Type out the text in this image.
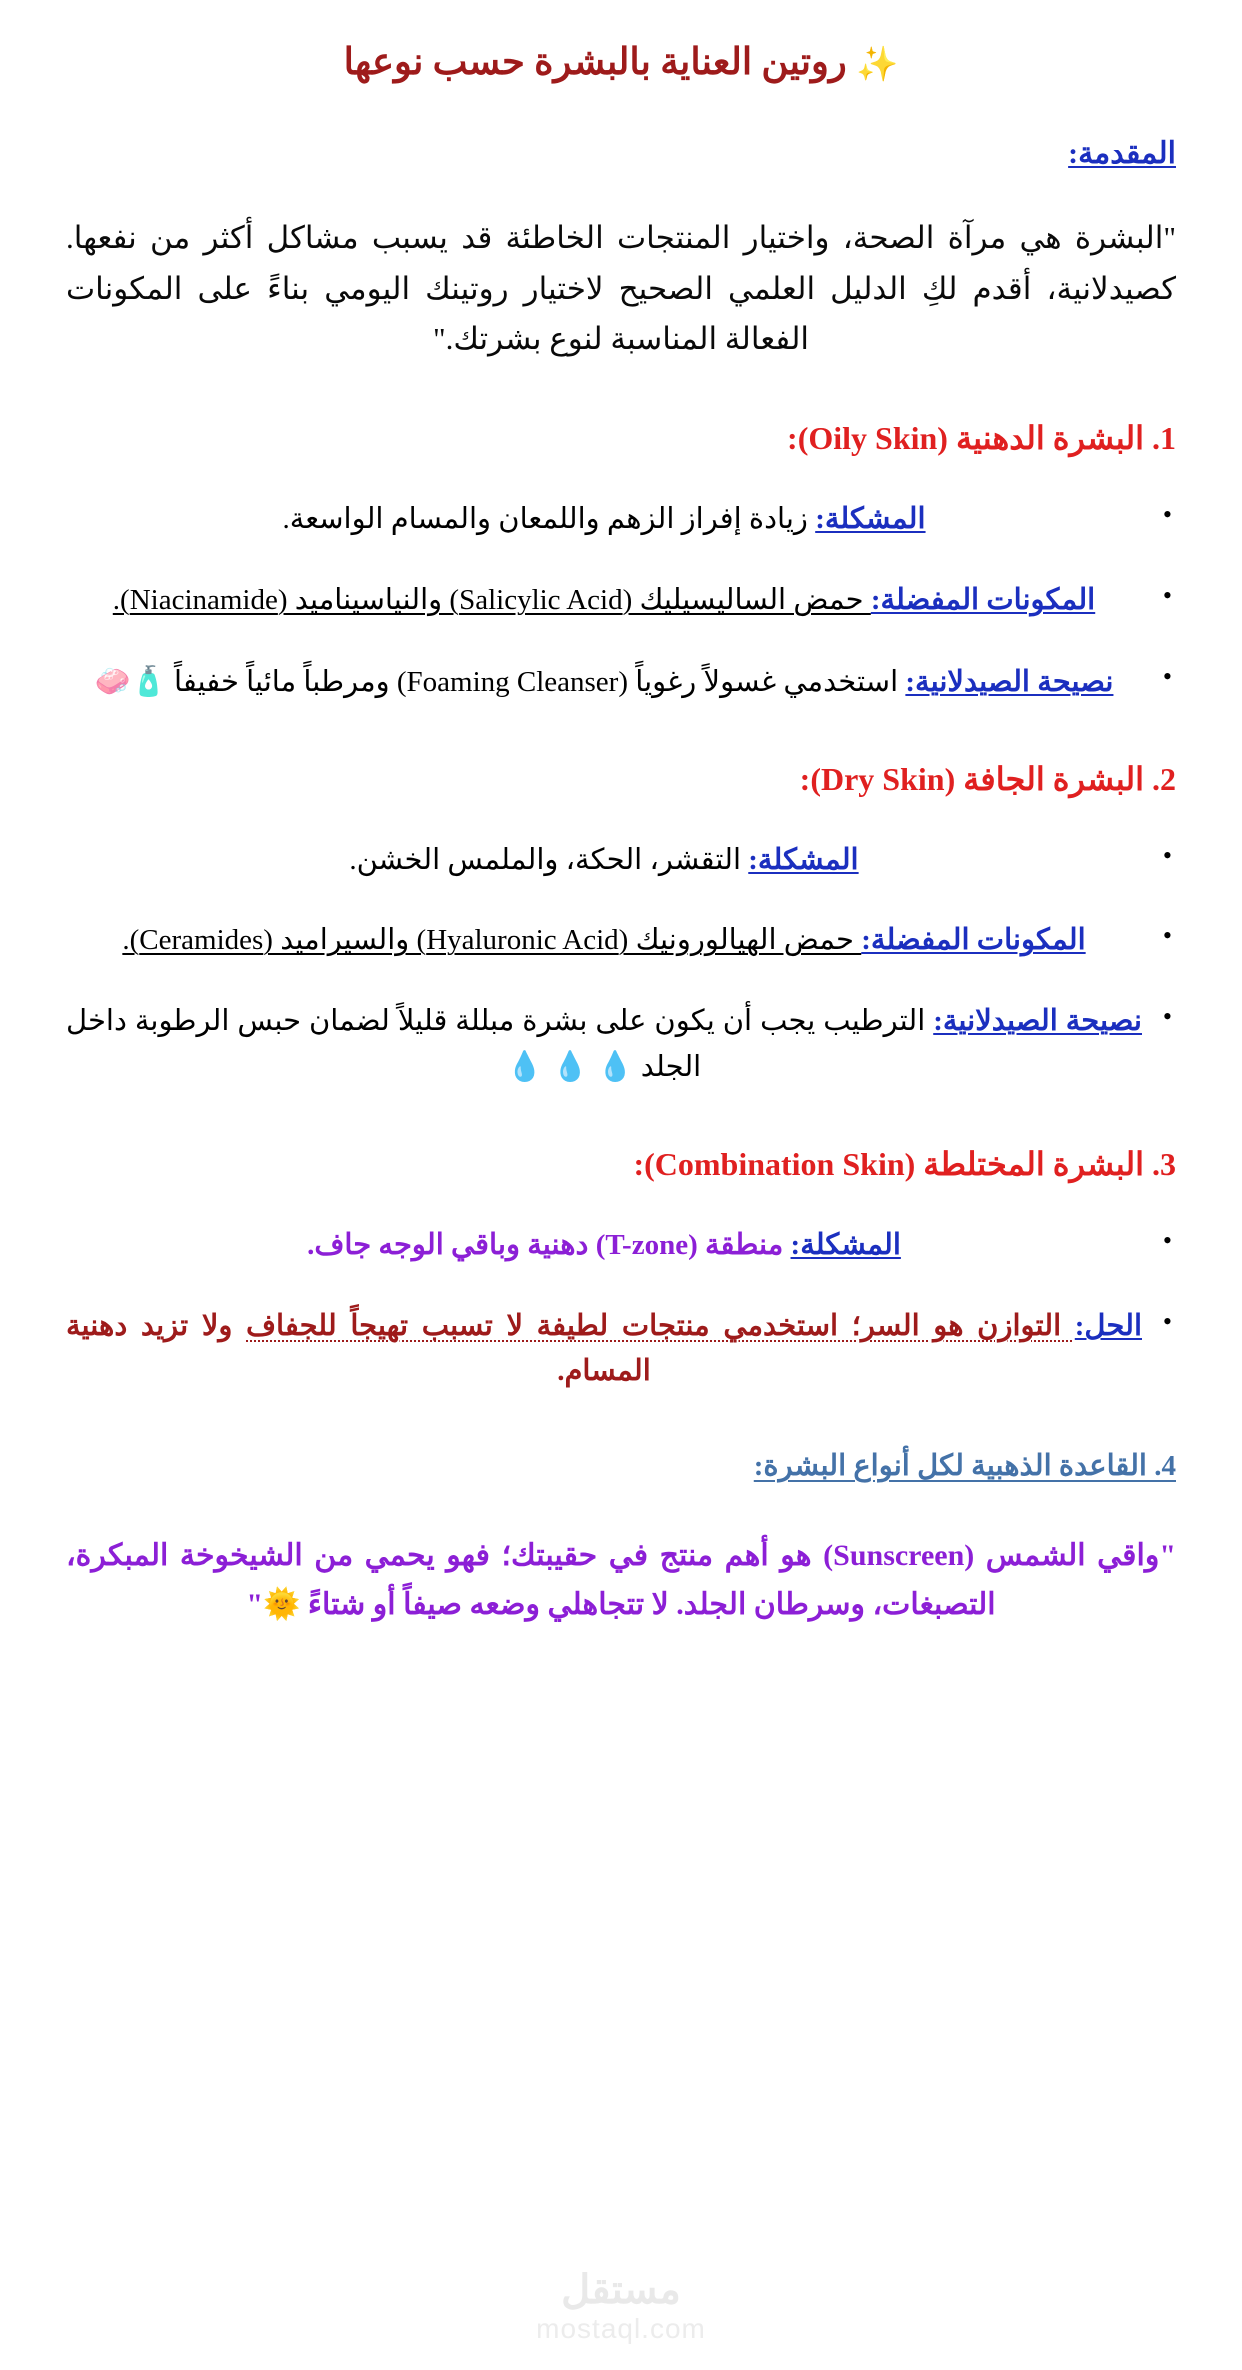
✨ روتين العناية بالبشرة حسب نوعها
المقدمة:

"البشرة هي مرآة الصحة، واختيار المنتجات الخاطئة قد يسبب مشاكل أكثر من نفعها. كصيدلانية، أقدم لكِ الدليل العلمي الصحيح لاختيار روتينك اليومي بناءً على المكونات الفعالة المناسبة لنوع بشرتك."

1. البشرة الدهنية (Oily Skin):
• المشكلة: زيادة إفراز الزهم واللمعان والمسام الواسعة.
• المكونات المفضلة: حمض الساليسيليك (Salicylic Acid) والنياسيناميد (Niacinamide).
• نصيحة الصيدلانية: استخدمي غسولاً رغوياً (Foaming Cleanser) ومرطباً مائياً خفيفاً 🧴🧼
2. البشرة الجافة (Dry Skin):
• المشكلة: التقشر، الحكة، والملمس الخشن.
• المكونات المفضلة: حمض الهيالورونيك (Hyaluronic Acid) والسيراميد (Ceramides).
• نصيحة الصيدلانية: الترطيب يجب أن يكون على بشرة مبللة قليلاً لضمان حبس الرطوبة داخل الجلد 💧 💧 💧
3. البشرة المختلطة (Combination Skin):
• المشكلة: منطقة (T-zone) دهنية وباقي الوجه جاف.
• الحل: التوازن هو السر؛ استخدمي منتجات لطيفة لا تسبب تهيجاً للجفاف ولا تزيد دهنية المسام.
4. القاعدة الذهبية لكل أنواع البشرة:

"واقي الشمس (Sunscreen) هو أهم منتج في حقيبتك؛ فهو يحمي من الشيخوخة المبكرة، التصبغات، وسرطان الجلد. لا تتجاهلي وضعه صيفاً أو شتاءً 🌞"

مستقل
mostaql.com
